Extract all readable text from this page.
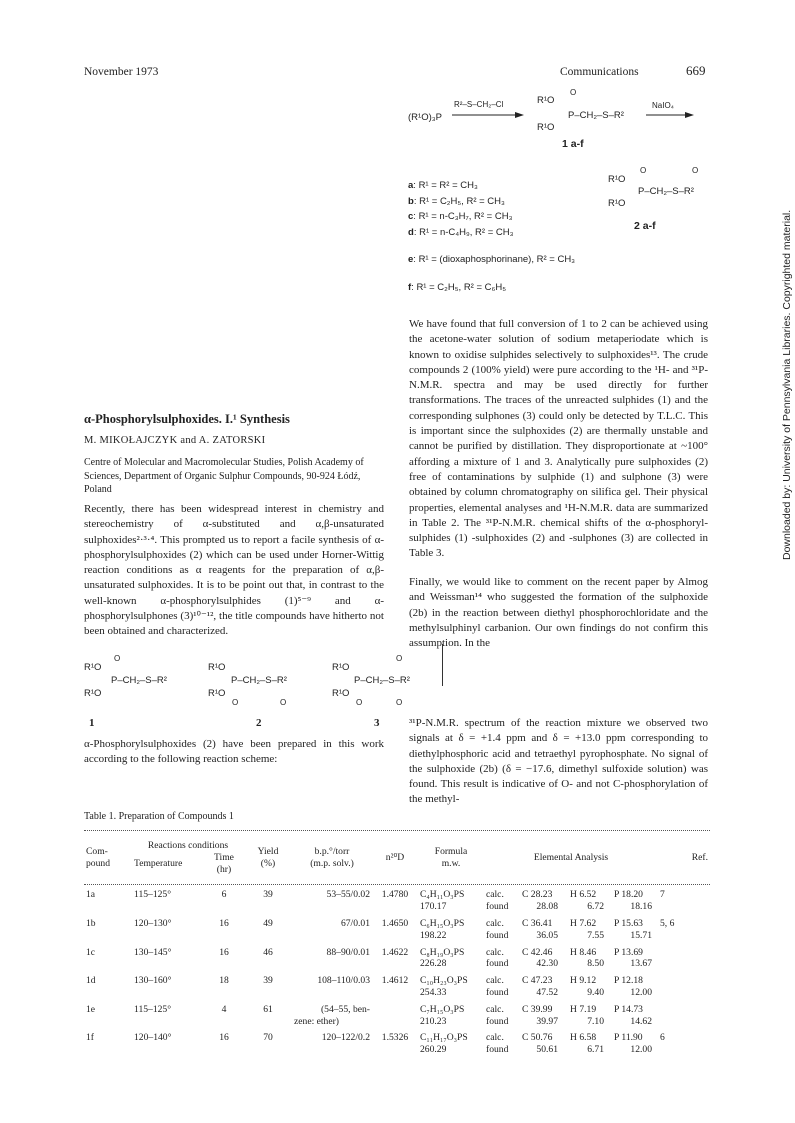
November 1973	Communications	669
(R¹O)₃P
R²–S–CH₂–Cl	R¹O
O
P–CH₂–S–R²
R¹O
NaIO₄
1 a-f
a: R¹ = R² = CH₃
b: R¹ = C₂H₅, R² = CH₃
c: R¹ = n-C₃H₇, R² = CH₃
d: R¹ = n-C₄H₉, R² = CH₃
e: R¹ = (dioxaphosphorinane), R² = CH₃
f: R¹ = C₂H₅, R² = C₆H₅
R¹O
O	O
P–CH₂–S–R²
R¹O
2 a-f
α-Phosphorylsulphoxides. I.¹ Synthesis
M. MIKOŁAJCZYK and A. ZATORSKI
Centre of Molecular and Macromolecular Studies, Polish Academy of Sciences, Department of Organic Sulphur Compounds, 90-924 Łódź, Poland
Recently, there has been widespread interest in chemistry and stereochemistry of α-substituted and α,β-unsaturated sulphoxides²·³·⁴. This prompted us to report a facile synthesis of α-phosphorylsulphoxides (2) which can be used under Horner-Wittig reaction conditions as α reagents for the preparation of α,β-unsaturated sulphoxides. It is to be point out that, in contrast to the well-known α-phosphorylsulphides (1)⁵⁻⁹ and α-phosphorylsulphones (3)¹⁰⁻¹², the title compounds have hitherto not been obtained and characterized.
We have found that full conversion of 1 to 2 can be achieved using the acetone-water solution of sodium metaperiodate which is known to oxidise sulphides selectively to sulphoxides¹³. The crude compounds 2 (100% yield) were pure according to the ¹H- and ³¹P-N.M.R. spectra and may be used directly for further transformations. The traces of the unreacted sulphides (1) and the corresponding sulphones (3) could only be detected by T.L.C. This is important since the sulphoxides (2) are thermally unstable and cannot be purified by distillation. They disproportionate at ~100° affording a mixture of 1 and 3. Analytically pure sulphoxides (2) free of contaminations by sulphide (1) and sulphone (3) were obtained by column chromatography on silifica gel. Their physical properties, elemental analyses and ¹H-N.M.R. data are summarized in Table 2. The ³¹P-N.M.R. chemical shifts of the α-phosphoryl-sulphides (1) -sulphoxides (2) and -sulphones (3) are collected in Table 3.
Finally, we would like to comment on the recent paper by Almog and Weissman¹⁴ who suggested the formation of the sulphoxide (2b) in the reaction between diethyl phosphorochloridate and the methylsulphinyl carbanion. Our own findings do not confirm this assumption. In the
R¹O
O
P–CH₂–S–R²
R¹O
R¹O
P–CH₂–S–R²
R¹O
O	O
R¹O
O
P–CH₂–S–R²
R¹O
O	O
1	2	3
α-Phosphorylsulphoxides (2) have been prepared in this work according to the following reaction scheme:
³¹P-N.M.R. spectrum of the reaction mixture we observed two signals at δ = +1.4 ppm and δ = +13.0 ppm corresponding to diethylphosphoric acid and tetraethyl pyrophosphate. No signal of the sulphoxide (2b) (δ = −17.6, dimethyl sulfoxide solution) was found. This result is indicative of O- and not C-phosphorylation of the methyl-
Table 1. Preparation of Compounds 1
Com-
pound	Reactions conditions		Yield
(%)	b.p.°/torr
(m.p. solv.)	n²⁰D	Formula
m.w.	Elemental Analysis				Ref.
	Temperature	Time
(hr)									

1a	115–125°	6	39	53–55/0.02	1.4780	C₄H₁₁O₃PS	calc.	C 28.23	H 6.52	P 18.20	7
						170.17	found	28.08	6.72	18.16	

1b	120–130°	16	49	67/0.01	1.4650	C₆H₁₅O₃PS	calc.	C 36.41	H 7.62	P 15.63	5, 6
						198.22	found	36.05	7.55	15.71	

1c	130–145°	16	46	88–90/0.01	1.4622	C₈H₁₉O₃PS	calc.	C 42.46	H 8.46	P 13.69	
						226.28	found	42.30	8.50	13.67	

1d	130–160°	18	39	108–110/0.03	1.4612	C₁₀H₂₃O₃PS	calc.	C 47.23	H 9.12	P 12.18	
						254.33	found	47.52	9.40	12.00	

1e	115–125°	4	61	(54–55, ben-		C₇H₁₅O₃PS	calc.	C 39.99	H 7.19	P 14.73	
				zene: ether)		210.23	found	39.97	7.10	14.62	

1f	120–140°	16	70	120–122/0.2	1.5326	C₁₁H₁₇O₃PS	calc.	C 50.76	H 6.58	P 11.90	6
						260.29	found	50.61	6.71	12.00	

Downloaded by: University of Pennsylvania Libraries. Copyrighted material.
